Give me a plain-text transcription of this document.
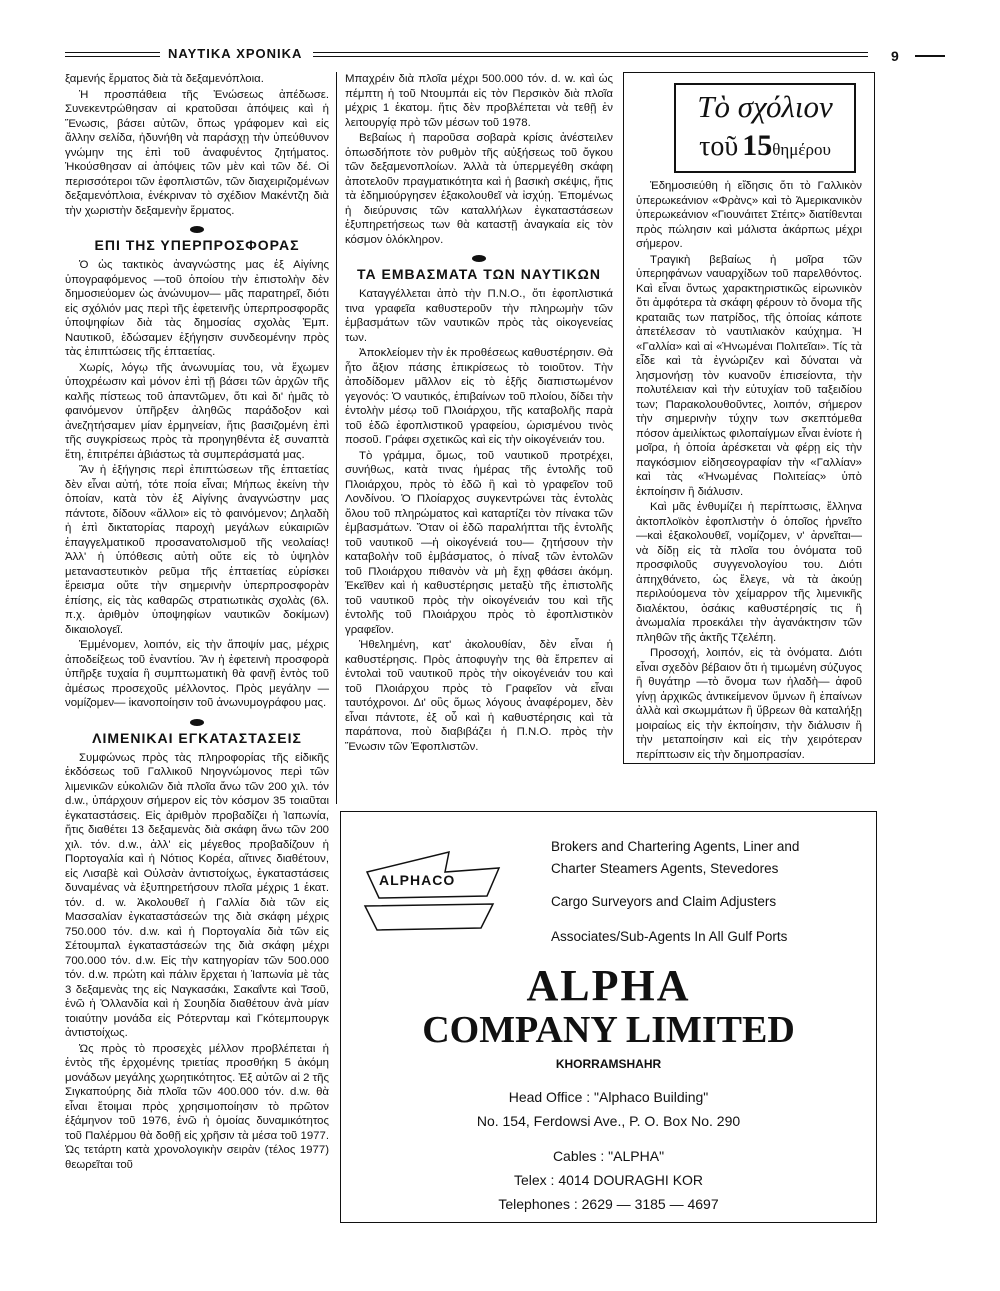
ΝΑΥΤΙΚΑ ΧΡΟΝΙΚΑ	9

ξαμενής ἕρματος διὰ τὰ δεξαμενόπλοια.

Ἡ προσπάθεια τῆς Ἑνώσεως ἀπέδωσε. Συνεκεντρώθησαν αἱ κρατοῦσαι ἀπόψεις καὶ ἡ Ἕνωσις, βάσει αὐτῶν, ὅπως γράφομεν καὶ εἰς ἄλλην σελίδα, ἠδυνήθη νὰ παράσχῃ τὴν ὑπεύθυνον γνώμην της ἐπὶ τοῦ ἀναφυέντος ζητήματος. Ἠκούσθησαν αἱ ἀπόψεις τῶν μὲν καὶ τῶν δέ. Οἱ περισσότεροι τῶν ἐφοπλιστῶν, τῶν διαχειριζομένων δεξαμενόπλοια, ἐνέκριναν τὸ σχέδιον Μακέντζη διὰ τὴν χωριστὴν δεξαμενὴν ἕρματος.

ΕΠΙ ΤΗΣ ΥΠΕΡΠΡΟΣΦΟΡΑΣ

Ὁ ὡς τακτικὸς ἀναγνώστης μας ἐξ Αἰγίνης ὑπογραφόμενος —τοῦ ὁποίου τὴν ἐπιστολὴν δὲν δημοσιεύομεν ὡς ἀνώνυμον— μᾶς παρατηρεῖ, διότι εἰς σχόλιόν μας περὶ τῆς ἐφετεινῆς ὑπερπροσφορᾶς ὑποψηφίων διὰ τὰς δημοσίας σχολὰς Ἐμπ. Ναυτικοῦ, ἐδώσαμεν ἐξήγησιν συνδεομένην πρὸς τὰς ἐπιπτώσεις τῆς ἑπταετίας.

Χωρίς, λόγῳ τῆς ἀνωνυμίας του, νὰ ἔχωμεν ὑποχρέωσιν καὶ μόνον ἐπὶ τῇ βάσει τῶν ἀρχῶν τῆς καλῆς πίστεως τοῦ ἀπαντῶμεν, ὅτι καὶ δι' ἡμᾶς τὸ φαινόμενον ὑπῆρξεν ἀληθῶς παράδοξον καὶ ἀνεζητήσαμεν μίαν ἑρμηνείαν, ἥτις βασιζομένη ἐπὶ τῆς συγκρίσεως πρὸς τὰ προηγηθέντα ἐξ συναπτὰ ἔτη, ἐπιτρέπει ἀβιάστως τὰ συμπεράσματά μας.

Ἂν ἡ ἐξήγησις περὶ ἐπιπτώσεων τῆς ἑπταετίας δὲν εἶναι αὐτή, τότε ποία εἶναι; Μήπως ἐκείνη τὴν ὁποίαν, κατὰ τὸν ἐξ Αἰγίνης ἀναγνώστην μας πάντοτε, δίδουν «ἄλλοι» εἰς τὸ φαινόμενον; Δηλαδὴ ἡ ἐπὶ δικτατορίας παροχὴ μεγάλων εὐκαιριῶν ἐπαγγελματικοῦ προσανατολισμοῦ τῆς νεολαίας! Ἀλλ' ἡ ὑπόθεσις αὐτὴ οὔτε εἰς τὸ ὑψηλὸν μεταναστευτικὸν ρεῦμα τῆς ἑπταετίας εὑρίσκει ἔρεισμα οὔτε τὴν σημερινὴν ὑπερπροσφορὰν ἐπίσης, εἰς τὰς καθαρῶς στρατιωτικὰς σχολὰς (6λ. π.χ. ἀριθμὸν ὑποψηφίων ναυτικῶν δοκίμων) δικαιολογεῖ.

Ἐμμένομεν, λοιπόν, εἰς τὴν ἄποψίν μας, μέχρις ἀποδείξεως τοῦ ἐναντίου. Ἂν ἡ ἐφετεινὴ προσφορὰ ὑπῆρξε τυχαία ἢ συμπτωματικὴ θὰ φανῇ ἐντὸς τοῦ ἀμέσως προσεχοῦς μέλλοντος. Πρὸς μεγάλην —νομίζομεν— ἱκανοποίησιν τοῦ ἀνωνυμογράφου μας.

ΛΙΜΕΝΙΚΑΙ ΕΓΚΑΤΑΣΤΑΣΕΙΣ

Συμφώνως πρὸς τὰς πληροφορίας τῆς εἰδικῆς ἐκδόσεως τοῦ Γαλλικοῦ Νηογνώμονος περὶ τῶν λιμενικῶν εὐκολιῶν διὰ πλοῖα ἄνω τῶν 200 χιλ. τόν d.w., ὑπάρχουν σήμερον εἰς τὸν κόσμον 35 τοιαῦται ἐγκαταστάσεις. Εἰς ἀριθμὸν προβαδίζει ἡ Ἰαπωνία, ἥτις διαθέτει 13 δεξαμενὰς διὰ σκάφη ἄνω τῶν 200 χιλ. τόν. d.w., ἀλλ' εἰς μέγεθος προβαδίζουν ἡ Πορτογαλία καὶ ἡ Νότιος Κορέα, αἵτινες διαθέτουν, εἰς Λισαβὲ καὶ Οὐλσὰν ἀντιστοίχως, ἐγκαταστάσεις δυναμένας νὰ ἐξυπηρετήσουν πλοῖα μέχρις 1 ἑκατ. τόν. d. w. Ἀκολουθεῖ ἡ Γαλλία διὰ τῶν εἰς Μασσαλίαν ἐγκαταστάσεών της διὰ σκάφη μέχρις 750.000 τόν. d.w. καὶ ἡ Πορτογαλία διὰ τῶν εἰς Σέτουμπαλ ἐγκαταστάσεών της διὰ σκάφη μέχρι 700.000 τόν. d.w. Εἰς τὴν κατηγορίαν τῶν 500.000 τόν. d.w. πρώτη καὶ πάλιν ἔρχεται ἡ Ἰαπωνία μὲ τὰς 3 δεξαμενὰς της εἰς Ναγκασάκι, Σακαΐντε καὶ Τσοῦ, ἐνῶ ἡ Ὁλλανδία καὶ ἡ Σουηδία διαθέτουν ἀνὰ μίαν τοιαύτην μονάδα εἰς Ρότερνταμ καὶ Γκότεμπουργκ ἀντιστοίχως.

Ὡς πρὸς τὸ προσεχὲς μέλλον προβλέπεται ἡ ἐντὸς τῆς ἐρχομένης τριετίας προσθήκη 5 ἀκόμη μονάδων μεγάλης χωρητικότητος. Ἐξ αὐτῶν αἱ 2 τῆς Σιγκαπούρης διὰ πλοῖα τῶν 400.000 τόν. d.w. θὰ εἶναι ἕτοιμαι πρὸς χρησιμοποίησιν τὸ πρῶτον ἑξάμηνον τοῦ 1976, ἐνῶ ἡ ὁμοίας δυναμικότητος τοῦ Παλέρμου θὰ δοθῇ εἰς χρῆσιν τὰ μέσα τοῦ 1977. Ὡς τετάρτη κατὰ χρονολογικὴν σειρὰν (τέλος 1977) θεωρεῖται τοῦ

Μπαχρέιν διὰ πλοῖα μέχρι 500.000 τόν. d. w. καὶ ὡς πέμπτη ἡ τοῦ Ντουμπάι εἰς τὸν Περσικὸν διὰ πλοῖα μέχρις 1 ἑκατομ. ἥτις δὲν προβλέπεται νὰ τεθῇ ἐν λειτουργίᾳ πρὸ τῶν μέσων τοῦ 1978.

Βεβαίως ἡ παροῦσα σοβαρὰ κρίσις ἀνέστειλεν ὁπωσδήποτε τὸν ρυθμὸν τῆς αὐξήσεως τοῦ ὄγκου τῶν δεξαμενοπλοίων. Ἀλλὰ τὰ ὑπερμεγέθη σκάφη ἀποτελοῦν πραγματικότητα καὶ ἡ βασικὴ σκέψις, ἥτις τὰ ἐδημιούργησεν ἐξακολουθεῖ νὰ ἰσχύῃ. Ἑπομένως ἡ διεύρυνσις τῶν καταλλήλων ἐγκαταστάσεων ἐξυπηρετήσεως των θὰ καταστῇ ἀναγκαία εἰς τὸν κόσμον ὁλόκληρον.

ΤΑ ΕΜΒΑΣΜΑΤΑ ΤΩΝ ΝΑΥΤΙΚΩΝ

Καταγγέλλεται ἀπὸ τὴν Π.Ν.Ο., ὅτι ἐφοπλιστικά τινα γραφεῖα καθυστεροῦν τὴν πληρωμὴν τῶν ἐμβασμάτων τῶν ναυτικῶν πρὸς τὰς οἰκογενείας των.

Ἀποκλείομεν τὴν ἐκ προθέσεως καθυστέρησιν. Θὰ ἦτο ἄξιον πάσης ἐπικρίσεως τὸ τοιοῦτον. Τὴν ἀποδίδομεν μᾶλλον εἰς τὸ ἑξῆς διαπιστωμένον γεγονός: Ὁ ναυτικός, ἐπιβαίνων τοῦ πλοίου, δίδει τὴν ἐντολὴν μέσῳ τοῦ Πλοιάρχου, τῆς καταβολῆς παρὰ τοῦ ἐδῶ ἐφοπλιστικοῦ γραφείου, ὡρισμένου τινὸς ποσοῦ. Γράφει σχετικῶς καὶ εἰς τὴν οἰκογένειάν του.

Τὸ γράμμα, ὅμως, τοῦ ναυτικοῦ προτρέχει, συνήθως, κατὰ τινας ἡμέρας τῆς ἐντολῆς τοῦ Πλοιάρχου, πρὸς τὸ ἐδῶ ἢ καὶ τὸ γραφεῖον τοῦ Λονδίνου. Ὁ Πλοίαρχος συγκεντρώνει τὰς ἐντολὰς ὅλου τοῦ πληρώματος καὶ καταρτίζει τὸν πίνακα τῶν ἐμβασμάτων. Ὅταν οἱ ἐδῶ παραλήπται τῆς ἐντολῆς τοῦ ναυτικοῦ —ἡ οἰκογένειά του— ζητήσουν τὴν καταβολὴν τοῦ ἐμβάσματος, ὁ πίναξ τῶν ἐντολῶν τοῦ Πλοιάρχου πιθανὸν νὰ μὴ ἔχῃ φθάσει ἀκόμη. Ἐκεῖθεν καὶ ἡ καθυστέρησις μεταξὺ τῆς ἐπιστολῆς τοῦ ναυτικοῦ πρὸς τὴν οἰκογένειάν του καὶ τῆς ἐντολῆς τοῦ Πλοιάρχου πρὸς τὸ ἐφοπλιστικὸν γραφεῖον.

Ἠθελημένη, κατ' ἀκολουθίαν, δὲν εἶναι ἡ καθυστέρησις. Πρὸς ἀποφυγὴν της θὰ ἔπρεπεν αἱ ἐντολαὶ τοῦ ναυτικοῦ πρὸς τὴν οἰκογένειάν του καὶ τοῦ Πλοιάρχου πρὸς τὸ Γραφεῖον νὰ εἶναι ταυτόχρονοι. Δι' οὓς ὅμως λόγους ἀναφέρομεν, δὲν εἶναι πάντοτε, ἐξ οὗ καὶ ἡ καθυστέρησις καὶ τὰ παράπονα, ποὺ διαβιβάζει ἡ Π.Ν.Ο. πρὸς τὴν Ἕνωσιν τῶν Ἐφοπλιστῶν.

Τὸ σχόλιον
τοῦ 15θημέρου

Ἐδημοσιεύθη ἡ εἴδησις ὅτι τὸ Γαλλικὸν ὑπερωκεάνιον «Φρὰνς» καὶ τὸ Ἀμερικανικὸν ὑπερωκεάνιον «Γιουνάιτετ Στέιτς» διατίθενται πρὸς πώλησιν καὶ μάλιστα ἀκάρπως μέχρι σήμερον.

Τραγικὴ βεβαίως ἡ μοῖρα τῶν ὑπερηφάνων ναυαρχίδων τοῦ παρελθόντος. Καὶ εἶναι ὄντως χαρακτηριστικῶς εἰρωνικὸν ὅτι ἀμφότερα τὰ σκάφη φέρουν τὸ ὄνομα τῆς κραταιᾶς των πατρίδος, τῆς ὁποίας κάποτε ἀπετέλεσαν τὸ ναυτιλιακὸν καύχημα. Ἡ «Γαλλία» καὶ αἱ «Ἡνωμέναι Πολιτεῖαι». Τίς τὰ εἶδε καὶ τὰ ἐγνώριζεν καὶ δύναται νὰ λησμονήσῃ τὸν κυανοῦν ἐπισείοντα, τὴν πολυτέλειαν καὶ τὴν εὐτυχίαν τοῦ ταξειδίου των; Παρακολουθοῦντες, λοιπόν, σήμερον τὴν σημερινὴν τύχην των σκεπτόμεθα πόσον ἀμειλίκτως φιλοπαίγμων εἶναι ἐνίοτε ἡ μοῖρα, ἡ ὁποία ἀρέσκεται νὰ φέρῃ εἰς τὴν παγκόσμιον εἰδησεογραφίαν τὴν «Γαλλίαν» καὶ τὰς «Ἡνωμένας Πολιτείας» ὑπὸ ἐκποίησιν ἢ διάλυσιν.

Καὶ μᾶς ἐνθυμίζει ἡ περίπτωσις, ἕλληνα ἀκτοπλοϊκὸν ἐφοπλιστὴν ὁ ὁποῖος ἠρνεῖτο —καὶ ἐξακολουθεῖ, νομίζομεν, ν' ἀρνεῖται— νὰ δίδῃ εἰς τὰ πλοῖα του ὀνόματα τοῦ προσφιλοῦς συγγενολογίου του. Διότι ἀπηχθάνετο, ὡς ἔλεγε, νὰ τὰ ἀκούῃ περιλούομενα τὸν χείμαρρον τῆς λιμενικῆς διαλέκτου, ὁσάκις καθυστέρησίς τις ἢ ἀνωμαλία προεκάλει τὴν ἀγανάκτησιν τῶν πληθῶν τῆς ἀκτῆς Τζελέπη.

Προσοχή, λοιπόν, εἰς τὰ ὀνόματα. Διότι εἶναι σχεδὸν βέβαιον ὅτι ἡ τιμωμένη σύζυγος ἢ θυγάτηρ —τὸ ὄνομα των ἠλαδὴ— ἀφοῦ γίνῃ ἀρχικῶς ἀντικείμενον ὕμνων ἢ ἐπαίνων ἀλλὰ καὶ σκωμμάτων ἢ ὕβρεων θὰ καταλήξῃ μοιραίως εἰς τὴν ἐκποίησιν, τὴν διάλυσιν ἢ τὴν μεταποίησιν καὶ εἰς τὴν χειρότεραν περίπτωσιν εἰς τὴν δημοπρασίαν.

ALPHACO
Brokers and Chartering Agents, Liner and
Charter Steamers Agents, Stevedores
Cargo Surveyors and Claim Adjusters
Associates/Sub-Agents In All Gulf Ports
ALPHA
COMPANY LIMITED
KHORRAMSHAHR
Head Office : "Alphaco Building"
No. 154, Ferdowsi Ave., P. O. Box No. 290
Cables : "ALPHA"
Telex : 4014 DOURAGHI KOR
Telephones : 2629 — 3185 — 4697
